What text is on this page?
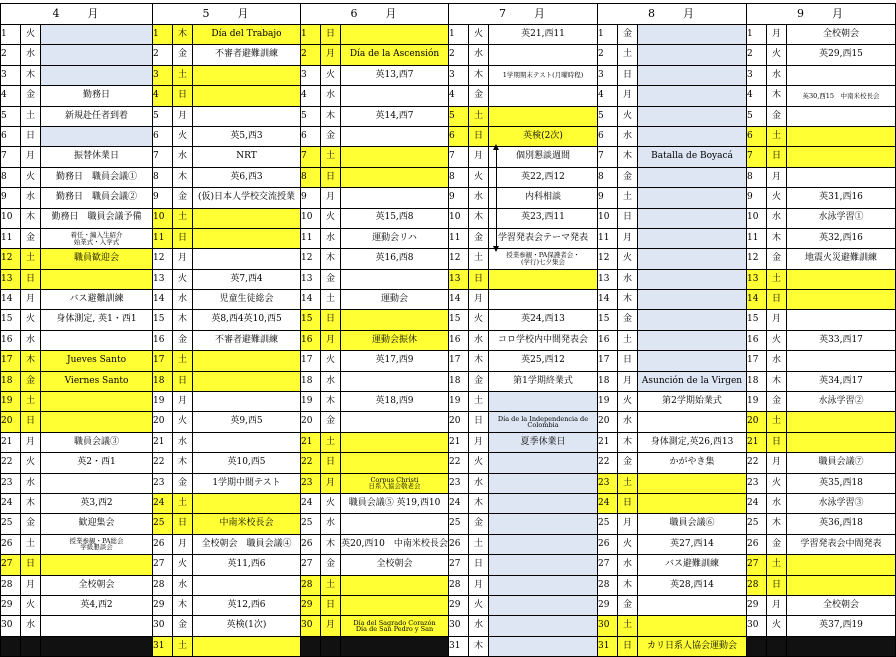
4　　月		
1	火	
2	水	
3	木	
4	金	勤務日
5	土	新規赴任者到着
6	日	
7	月	振替休業日
8	火	勤務日　職員会議①
9	水	勤務日　職員会議②
10	木	勤務日　職員会議予備
11	金	着任・編入生紹介
始業式・入学式

12	土	職員歓迎会
13	日	
14	月	バス避難訓練
15	火	身体測定, 英1・西1
16	水	
17	木	Jueves Santo
18	金	Viernes Santo
19	土	
20	日	
21	月	職員会議③
22	火	英2・西1
23	水	
24	木	英3,西2
25	金	歓迎集会
26	土	授業参観・PA総会
学級懇談会

27	日	
28	月	全校朝会
29	火	英4,西2
30	水	

5　　月		
1	木	Día del Trabajo
2	金	不審者避難訓練
3	土	
4	日	
5	月	
6	火	英5,西3
7	水	NRT
8	木	英6,西3
9	金	(仮)日本人学校交流授業
10	土	
11	日	
12	月	
13	火	英7,西4
14	水	児童生徒総会
15	木	英8,西4英10,西5
16	金	不審者避難訓練
17	土	
18	日	
19	月	
20	火	英9,西5
21	水	
22	木	英10,西5
23	金	1学期中間テスト
24	土	
25	日	中南米校長会
26	月	全校朝会　職員会議④
27	火	英11,西6
28	水	
29	木	英12,西6
30	金	英検(1次)
31	土	
6　　月		
1	日	
2	月	Día de la Ascensión
3	火	英13,西7
4	水	
5	木	英14,西7
6	金	
7	土	
8	日	
9	月	
10	火	英15,西8
11	水	運動会リハ
12	木	英16,西8
13	金	
14	土	運動会
15	日	
16	月	運動会振休
17	火	英17,西9
18	水	
19	木	英18,西9
20	金	
21	土	
22	日	
23	月	Corpus Christi
日系人協会敬老会

24	火	職員会議⑤ 英19,西10
25	水	
26	木	英20,西10　中南米校長会
27	金	全校朝会
28	土	
29	日	
30	月	Día del Sagrado Corazón
Día de San Pedro y San

7　　月		
1	火	英21,西11
2	水	
3	木	1学期期末テスト(月曜時程)

4	金	
5	土	
6	日	英検(2次)
7	月	個別懇談週間
8	火	英22,西12
9	水	内科相談
10	木	英23,西11
11	金	学習発表会テーマ発表
12	土	授業参観・PA保護者会・
(学行)七夕集会

13	日	
14	月	
15	火	英24,西13
16	水	コロ学校内中間発表会
17	木	英25,西12
18	金	第1学期終業式
19	土	
20	日	Día de la Independencia de
Colombia

21	月	夏季休業日
22	火	
23	水	
24	木	
25	金	
26	土	
27	日	
28	月	
29	火	
30	水	
31	木	
8　　月		
1	金	
2	土	
3	日	
4	月	
5	火	
6	水	
7	木	Batalla de Boyacá
8	金	
9	土	
10	日	
11	月	
12	火	
13	水	
14	木	
15	金	
16	土	
17	日	
18	月	Asunción de la Virgen
19	火	第2学期始業式
20	水	
21	木	身体測定,英26,西13
22	金	かがやき集
23	土	
24	日	
25	月	職員会議⑥
26	火	英27,西14
27	水	バス避難訓練
28	木	英28,西14
29	金	
30	土	
31	日	カリ日系人協会運動会
9　　月		
1	月	全校朝会
2	火	英29,西15
3	水	
4	木	英30,西15　中南米校長会

5	金	
6	土	
7	日	
8	月	
9	火	英31,西16
10	水	水泳学習①
11	木	英32,西16
12	金	地震火災避難訓練
13	土	
14	日	
15	月	
16	火	英33,西17
17	水	
18	木	英34,西17
19	金	水泳学習②
20	土	
21	日	
22	月	職員会議⑦
23	火	英35,西18
24	水	水泳学習③
25	木	英36,西18
26	金	学習発表会中間発表
27	土	
28	日	
29	月	全校朝会
30	火	英37,西19
